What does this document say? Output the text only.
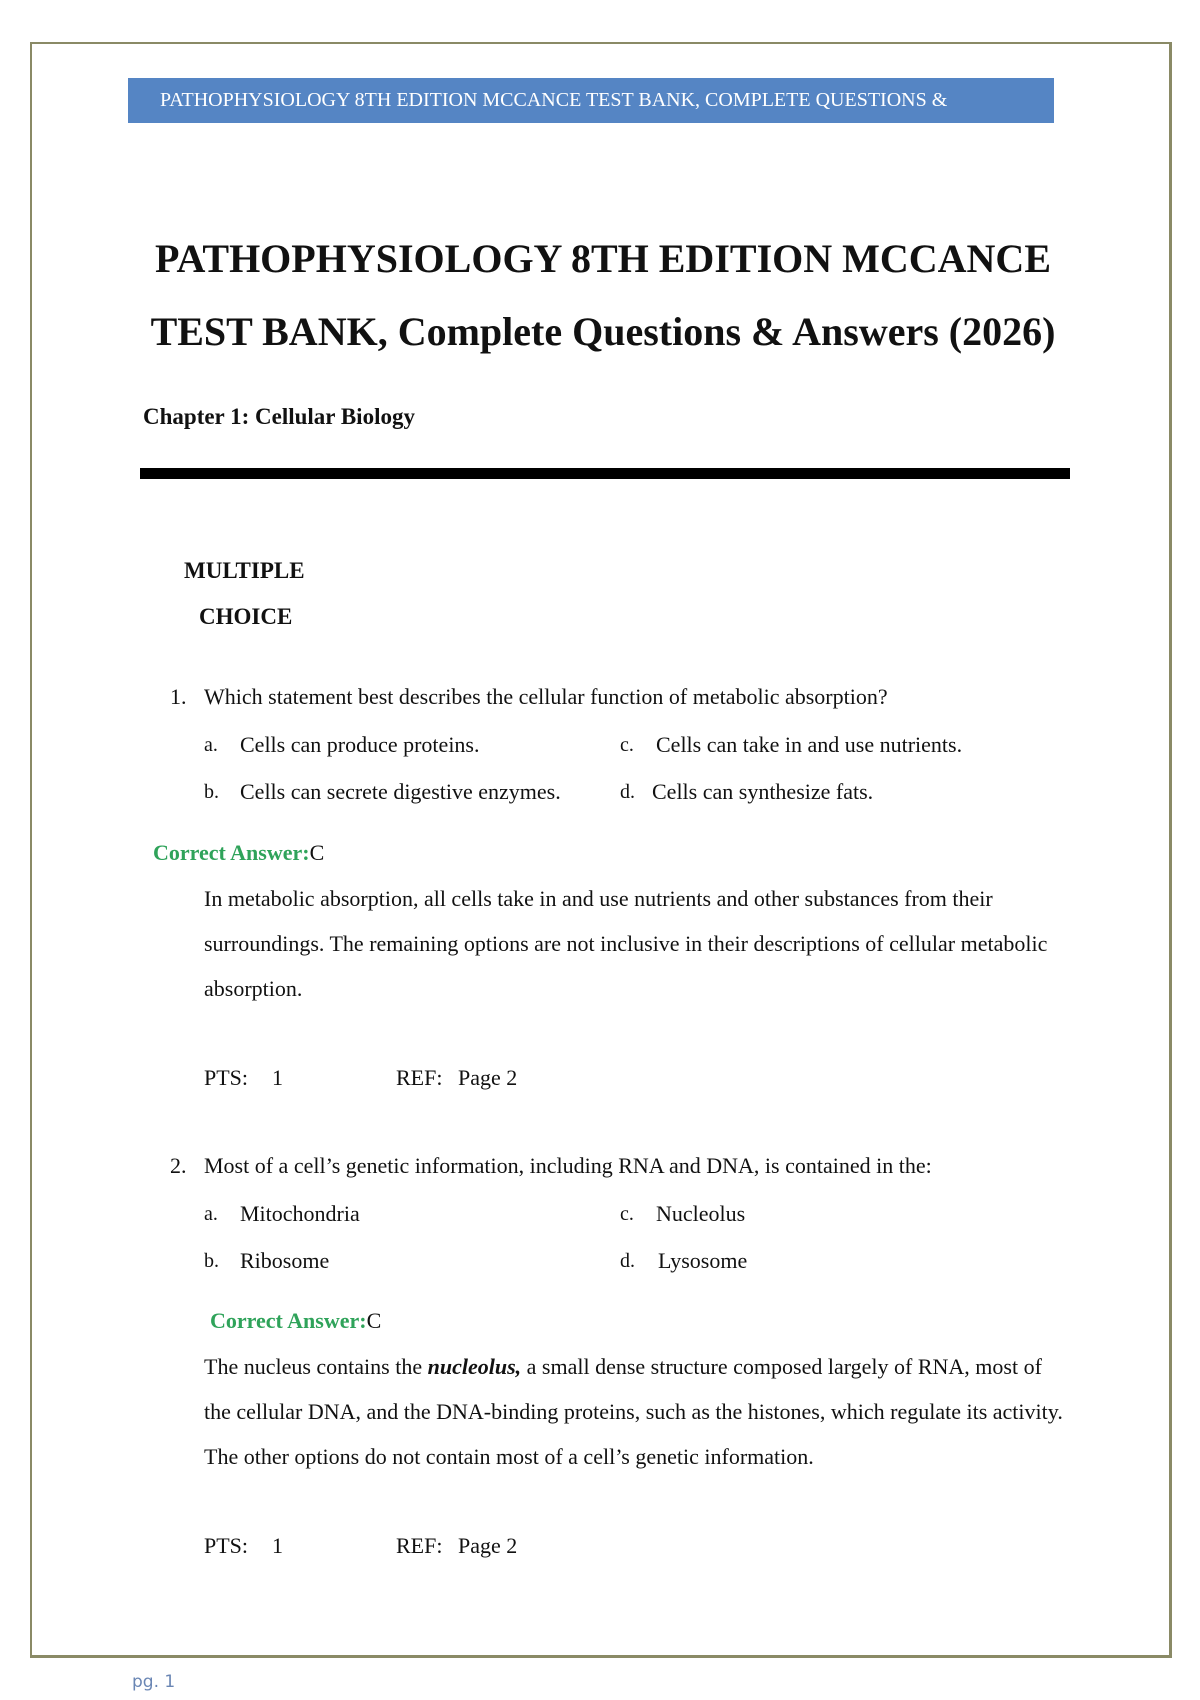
PATHOPHYSIOLOGY 8TH EDITION MCCANCE TEST BANK, COMPLETE QUESTIONS &
PATHOPHYSIOLOGY 8TH EDITION MCCANCE
TEST BANK, Complete Questions & Answers (2026)
Chapter 1: Cellular Biology
MULTIPLE
CHOICE
1. Which statement best describes the cellular function of metabolic absorption?
a. Cells can produce proteins.
b. Cells can secrete digestive enzymes.
c. Cells can take in and use nutrients.
d. Cells can synthesize fats.
Correct Answer:C
In metabolic absorption, all cells take in and use nutrients and other substances from their surroundings. The remaining options are not inclusive in their descriptions of cellular metabolic absorption.
PTS: 1	REF: Page 2
2. Most of a cell’s genetic information, including RNA and DNA, is contained in the:
a. Mitochondria
b. Ribosome
c. Nucleolus
d. Lysosome
Correct Answer:C
The nucleus contains the nucleolus, a small dense structure composed largely of RNA, most of the cellular DNA, and the DNA-binding proteins, such as the histones, which regulate its activity. The other options do not contain most of a cell’s genetic information.
PTS: 1	REF: Page 2
pg. 1
